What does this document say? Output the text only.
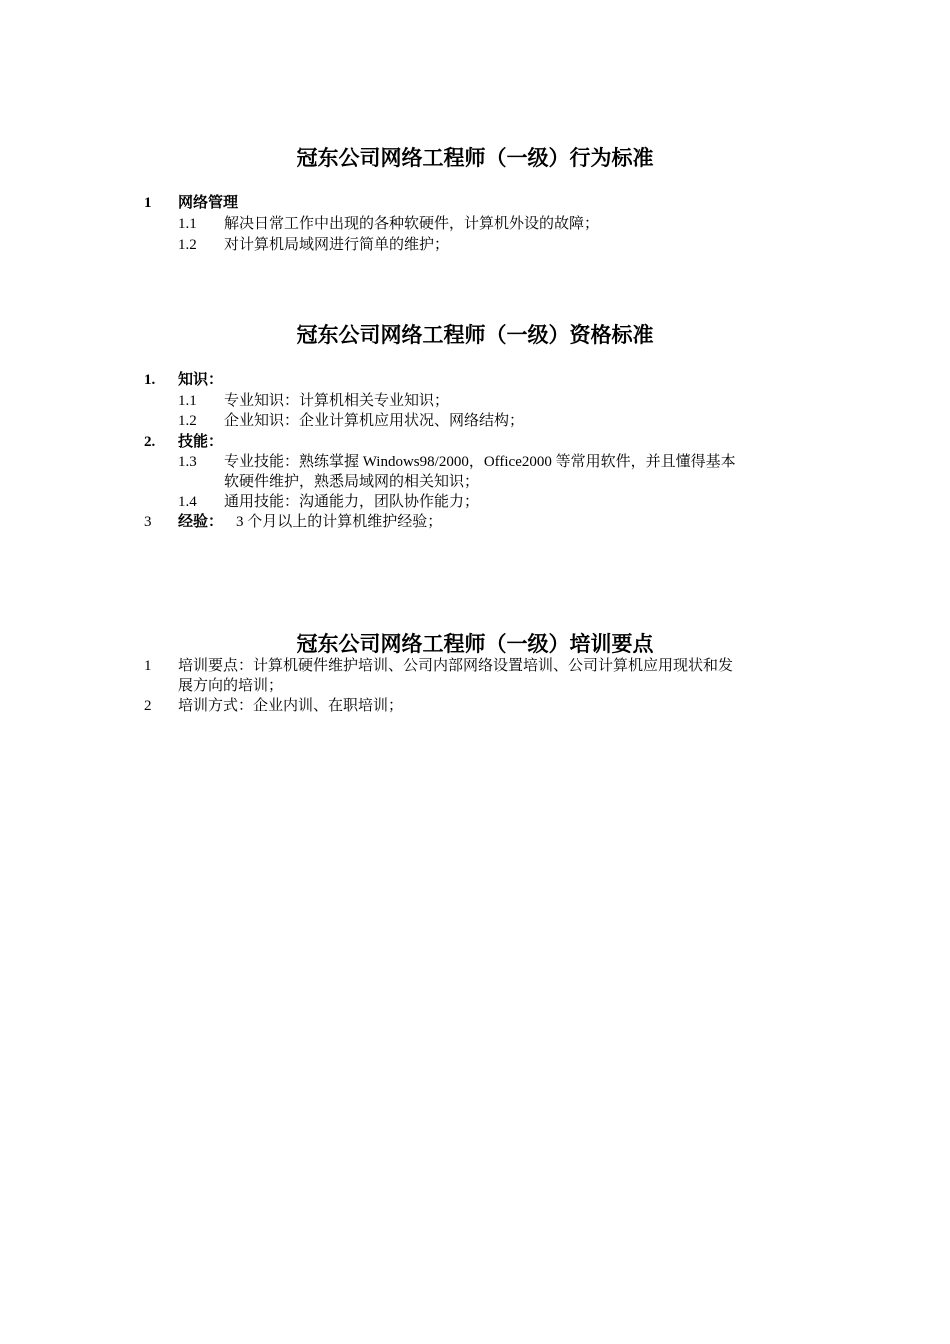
冠东公司网络工程师（一级）行为标准
1 网络管理
1.1 解决日常工作中出现的各种软硬件，计算机外设的故障；
1.2 对计算机局域网进行简单的维护；
冠东公司网络工程师（一级）资格标准
1. 知识：
1.1 专业知识：计算机相关专业知识；
1.2 企业知识：企业计算机应用状况、网络结构；
2. 技能：
1.3 专业技能：熟练掌握 Windows98/2000，Office2000 等常用软件，并且懂得基本
软硬件维护，熟悉局域网的相关知识；
1.4 通用技能：沟通能力，团队协作能力；
3 经验： 3 个月以上的计算机维护经验；
冠东公司网络工程师（一级）培训要点
1 培训要点：计算机硬件维护培训、公司内部网络设置培训、公司计算机应用现状和发
展方向的培训；
2 培训方式：企业内训、在职培训；
